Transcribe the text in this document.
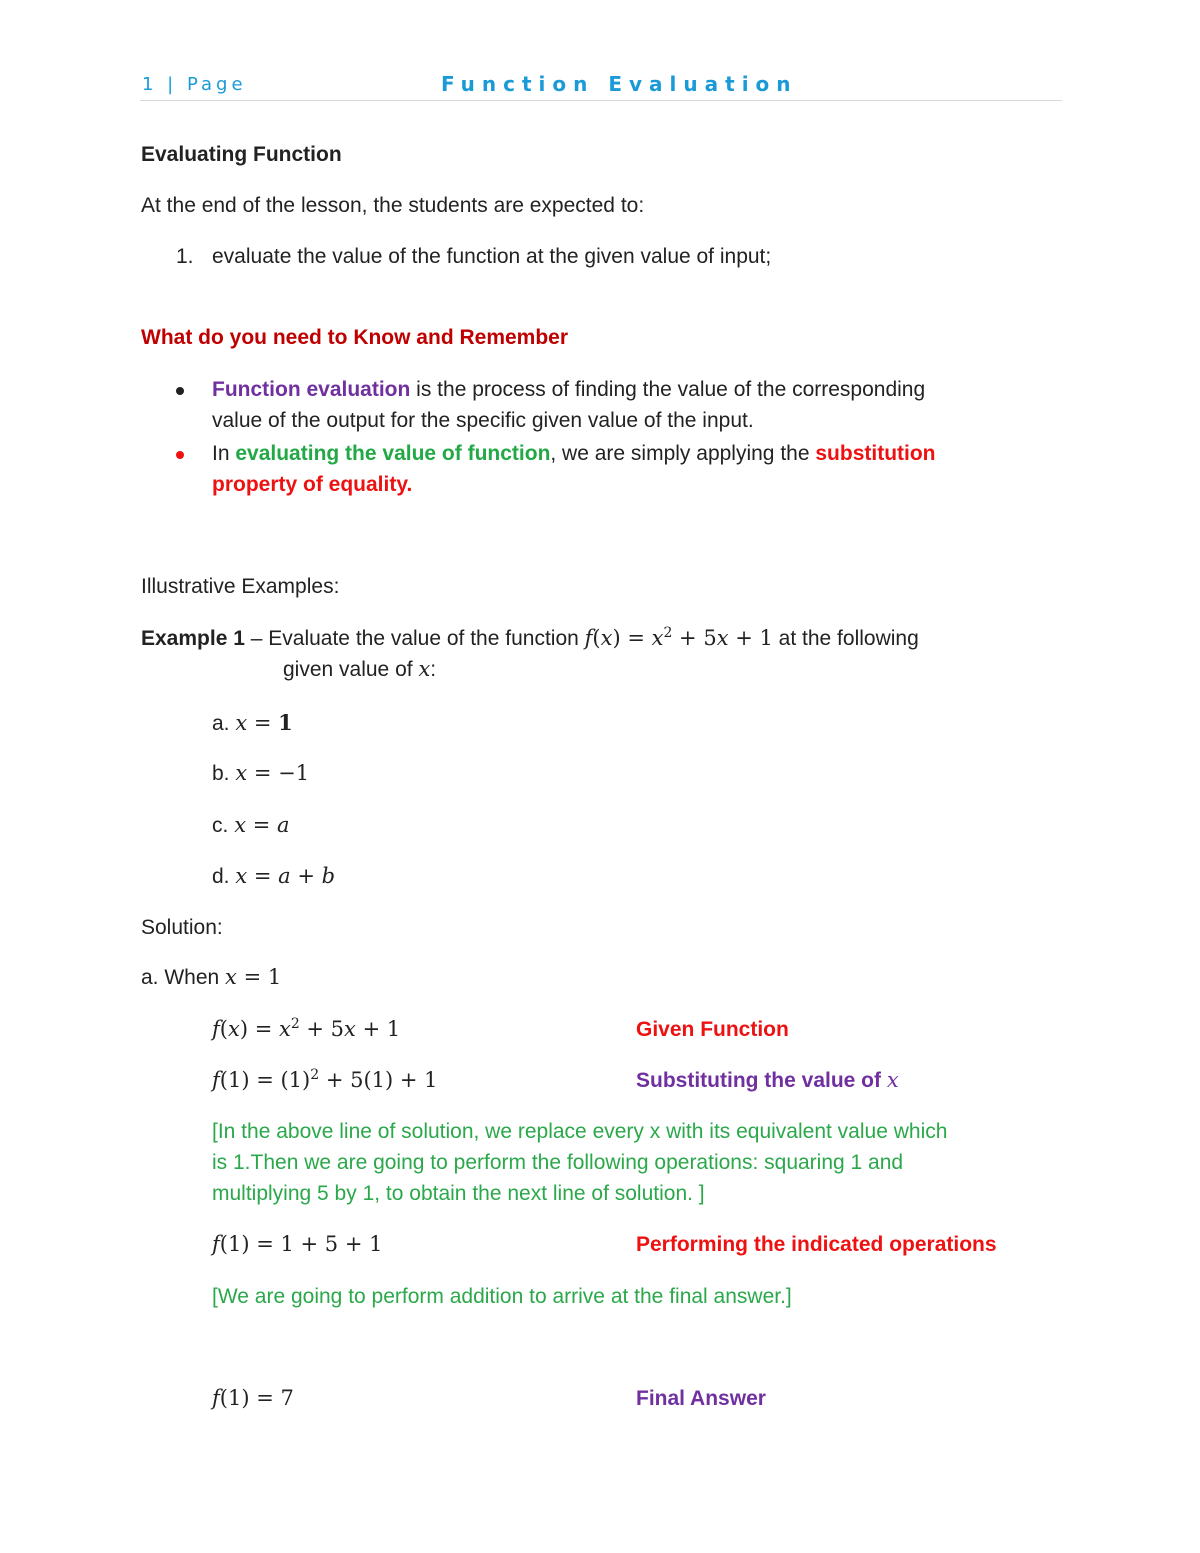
1 | Page	Function Evaluation
Evaluating Function
At the end of the lesson, the students are expected to:
1. evaluate the value of the function at the given value of input;
What do you need to Know and Remember
Function evaluation is the process of finding the value of the corresponding
value of the output for the specific given value of the input.
In evaluating the value of function, we are simply applying the substitution
property of equality.
Illustrative Examples:
Example 1 – Evaluate the value of the function $f(x) = x^2 + 5x + 1$ at the following
given value of x:
a. x = 1
b. x = −1
c. x = a
d. x = a + b
Solution:
a. When x = 1
$f(x) = x^2 + 5x + 1$	Given Function
$f(1) = (1)^2 + 5(1) + 1$	Substituting the value of x
[In the above line of solution, we replace every x with its equivalent value which
is 1.Then we are going to perform the following operations: squaring 1 and
multiplying 5 by 1, to obtain the next line of solution. ]
f(1) = 1 + 5 + 1	Performing the indicated operations
[We are going to perform addition to arrive at the final answer.]
f(1) = 7	Final Answer
